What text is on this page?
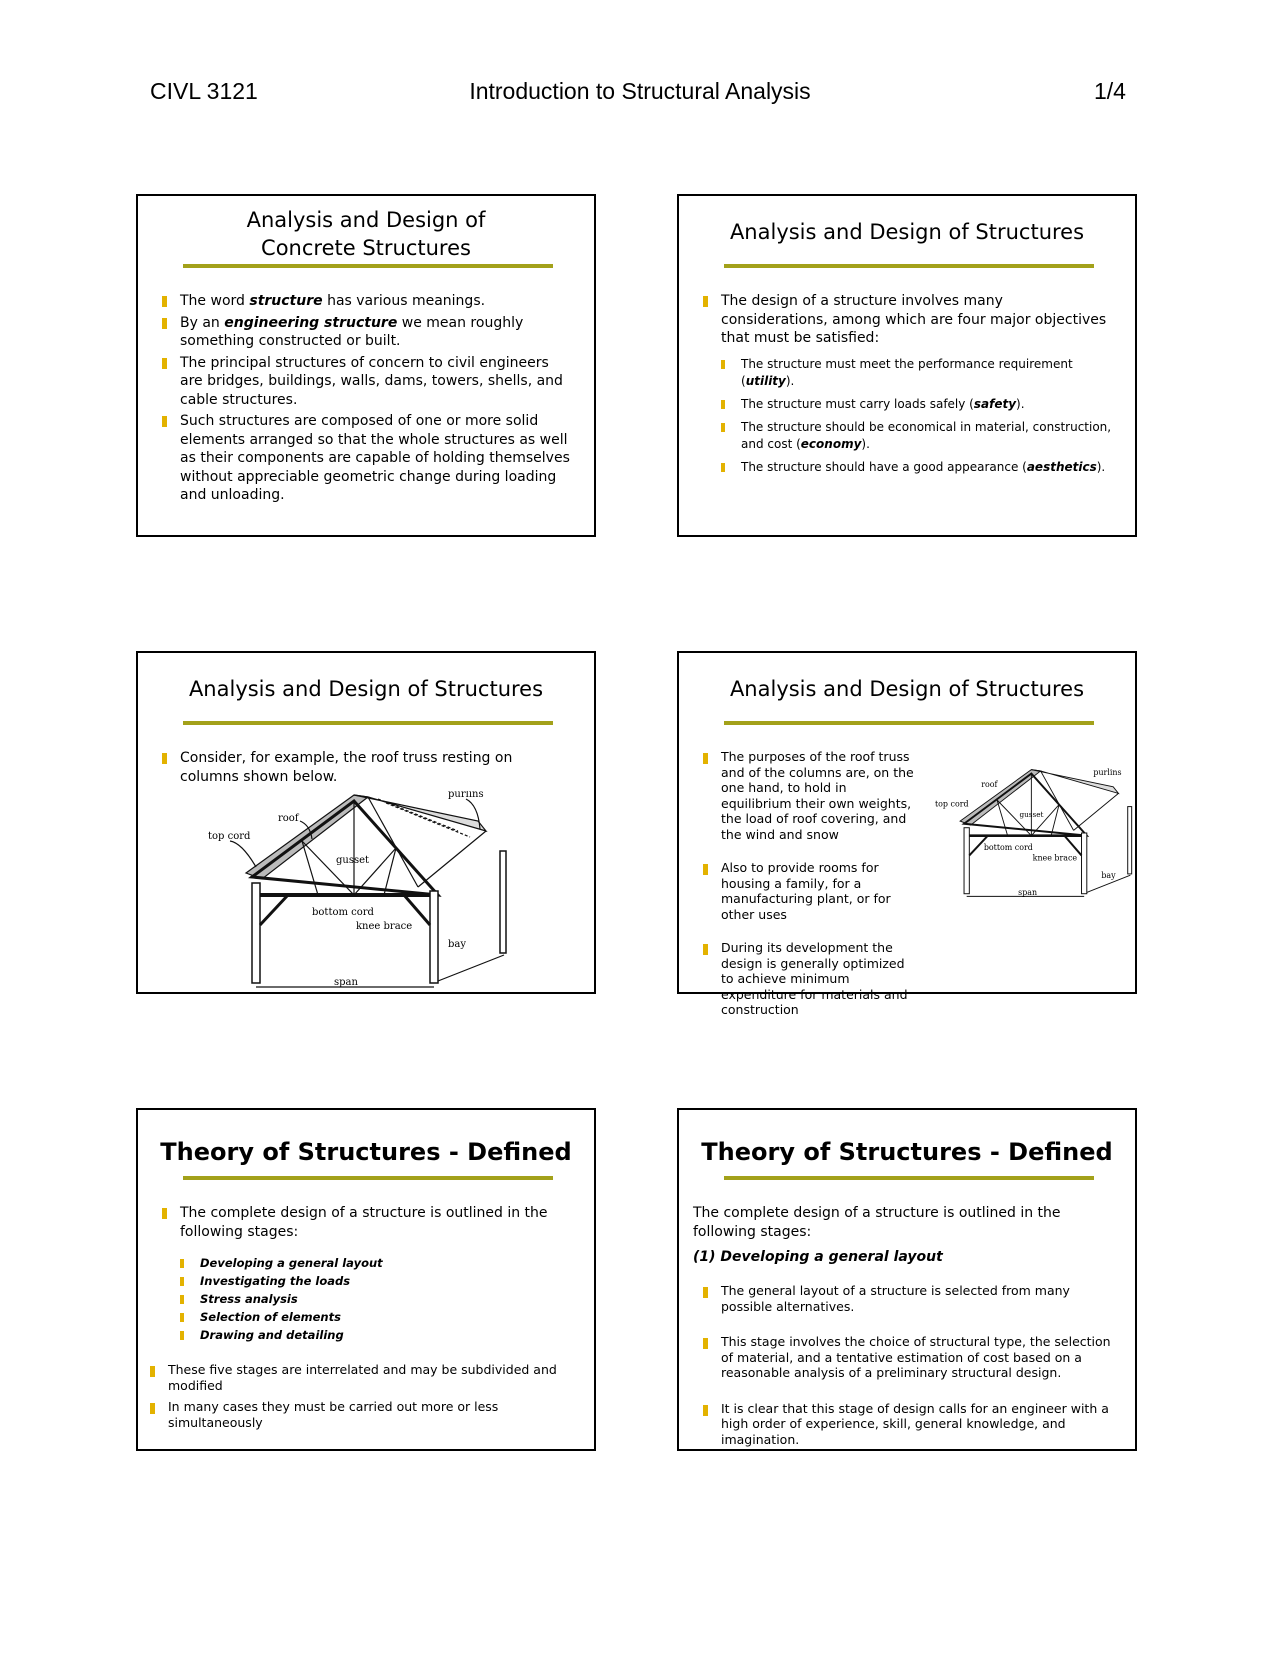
CIVL 3121	Introduction to Structural Analysis	1/4
Analysis and Design of
Concrete Structures
The word structure has various meanings.
By an engineering structure we mean roughly something constructed or built.
The principal structures of concern to civil engineers are bridges, buildings, walls, dams, towers, shells, and cable structures.
Such structures are composed of one or more solid elements arranged so that the whole structures as well as their components are capable of holding themselves without appreciable geometric change during loading and unloading.
Analysis and Design of Structures
The design of a structure involves many considerations, among which are four major objectives that must be satisfied:
The structure must meet the performance requirement (utility).
The structure must carry loads safely (safety).
The structure should be economical in material, construction, and cost (economy).
The structure should have a good appearance (aesthetics).
Analysis and Design of Structures
Consider, for example, the roof truss resting on columns shown below.
roof
purlins
top cord
gusset
bottom cord
knee brace
bay
span
Analysis and Design of Structures
The purposes of the roof truss and of the columns are, on the one hand, to hold in equilibrium their own weights, the load of roof covering, and the wind and snow
Also to provide rooms for housing a family, for a manufacturing plant, or for other uses
During its development the design is generally optimized to achieve minimum expenditure for materials and construction
roof
purlins
top cord
gusset
bottom cord
knee brace
bay
span
Theory of Structures - Defined
The complete design of a structure is outlined in the following stages:
Developing a general layout
Investigating the loads
Stress analysis
Selection of elements
Drawing and detailing
These five stages are interrelated and may be subdivided and modified
In many cases they must be carried out more or less simultaneously
Theory of Structures - Defined
The complete design of a structure is outlined in the following stages:
(1) Developing a general layout
The general layout of a structure is selected from many possible alternatives.
This stage involves the choice of structural type, the selection of material, and a tentative estimation of cost based on a reasonable analysis of a preliminary structural design.
It is clear that this stage of design calls for an engineer with a high order of experience, skill, general knowledge, and imagination.
